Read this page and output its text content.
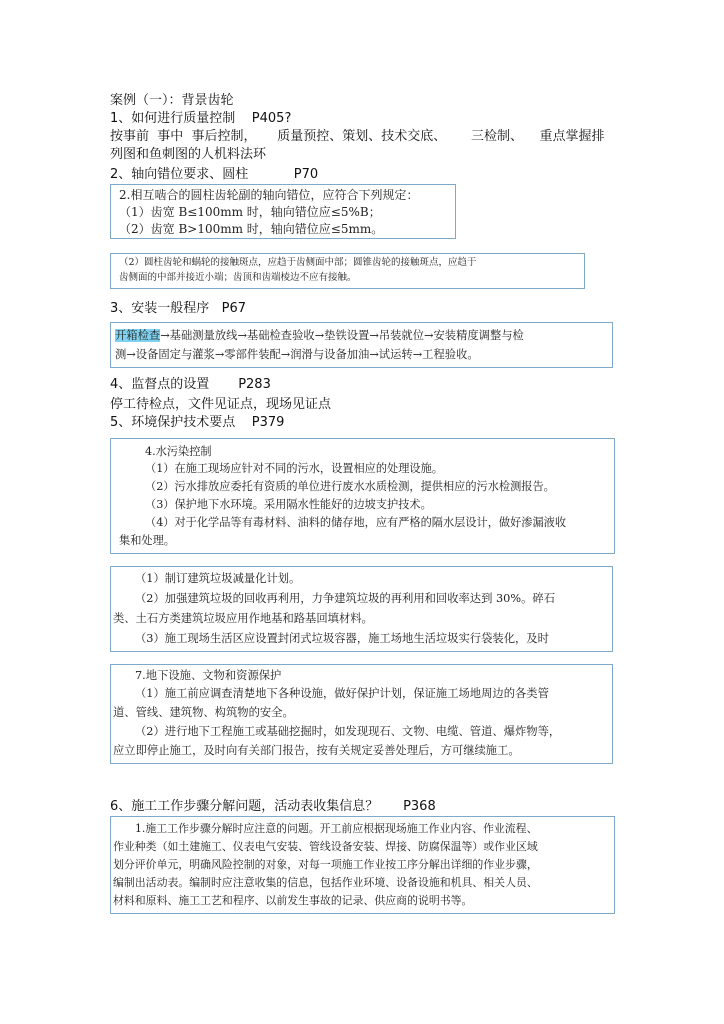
案例（一）：背景齿轮
1、如何进行质量控制    P405?
按事前  事中  事后控制，     质量预控、策划、技术交底、      三检制、    重点掌握排
列图和鱼刺图的人机料法环
2、轴向错位要求、圆柱           P70
2.相互啮合的圆柱齿轮副的轴向错位，应符合下列规定：
（1）齿宽 B≤100mm 时，轴向错位应≤5%B；
（2）齿宽 B>100mm 时，轴向错位应≤5mm。
（2）圆柱齿轮和蜗轮的接触斑点，应趋于齿侧面中部；圆锥齿轮的接触斑点，应趋于
齿侧面的中部并接近小端；齿顶和齿端棱边不应有接触。
3、安装一般程序   P67
开箱检查→基础测量放线→基础检查验收→垫铁设置→吊装就位→安装精度调整与检
测→设备固定与灌浆→零部件装配→润滑与设备加油→试运转→工程验收。
4、监督点的设置       P283
停工待检点，文件见证点，现场见证点
5、环境保护技术要点    P379
4.水污染控制
（1）在施工现场应针对不同的污水，设置相应的处理设施。
（2）污水排放应委托有资质的单位进行废水水质检测，提供相应的污水检测报告。
（3）保护地下水环境。采用隔水性能好的边坡支护技术。
（4）对于化学品等有毒材料、油料的储存地，应有严格的隔水层设计，做好渗漏液收
集和处理。
（1）制订建筑垃圾减量化计划。
（2）加强建筑垃圾的回收再利用，力争建筑垃圾的再利用和回收率达到 30%。碎石
类、土石方类建筑垃圾应用作地基和路基回填材料。
（3）施工现场生活区应设置封闭式垃圾容器，施工场地生活垃圾实行袋装化，及时
7.地下设施、文物和资源保护
（1）施工前应调查清楚地下各种设施，做好保护计划，保证施工场地周边的各类管
道、管线、建筑物、构筑物的安全。
（2）进行地下工程施工或基础挖掘时，如发现现石、文物、电缆、管道、爆炸物等，
应立即停止施工，及时向有关部门报告，按有关规定妥善处理后，方可继续施工。
6、施工工作步骤分解问题，活动表收集信息？      P368
1.施工工作步骤分解时应注意的问题。开工前应根据现场施工作业内容、作业流程、
作业种类（如土建施工、仪表电气安装、管线设备安装、焊接、防腐保温等）或作业区域
划分评价单元，明确风险控制的对象，对每一项施工作业按工序分解出详细的作业步骤，
编制出活动表。编制时应注意收集的信息，包括作业环境、设备设施和机具、相关人员、
材料和原料、施工工艺和程序、以前发生事故的记录、供应商的说明书等。
